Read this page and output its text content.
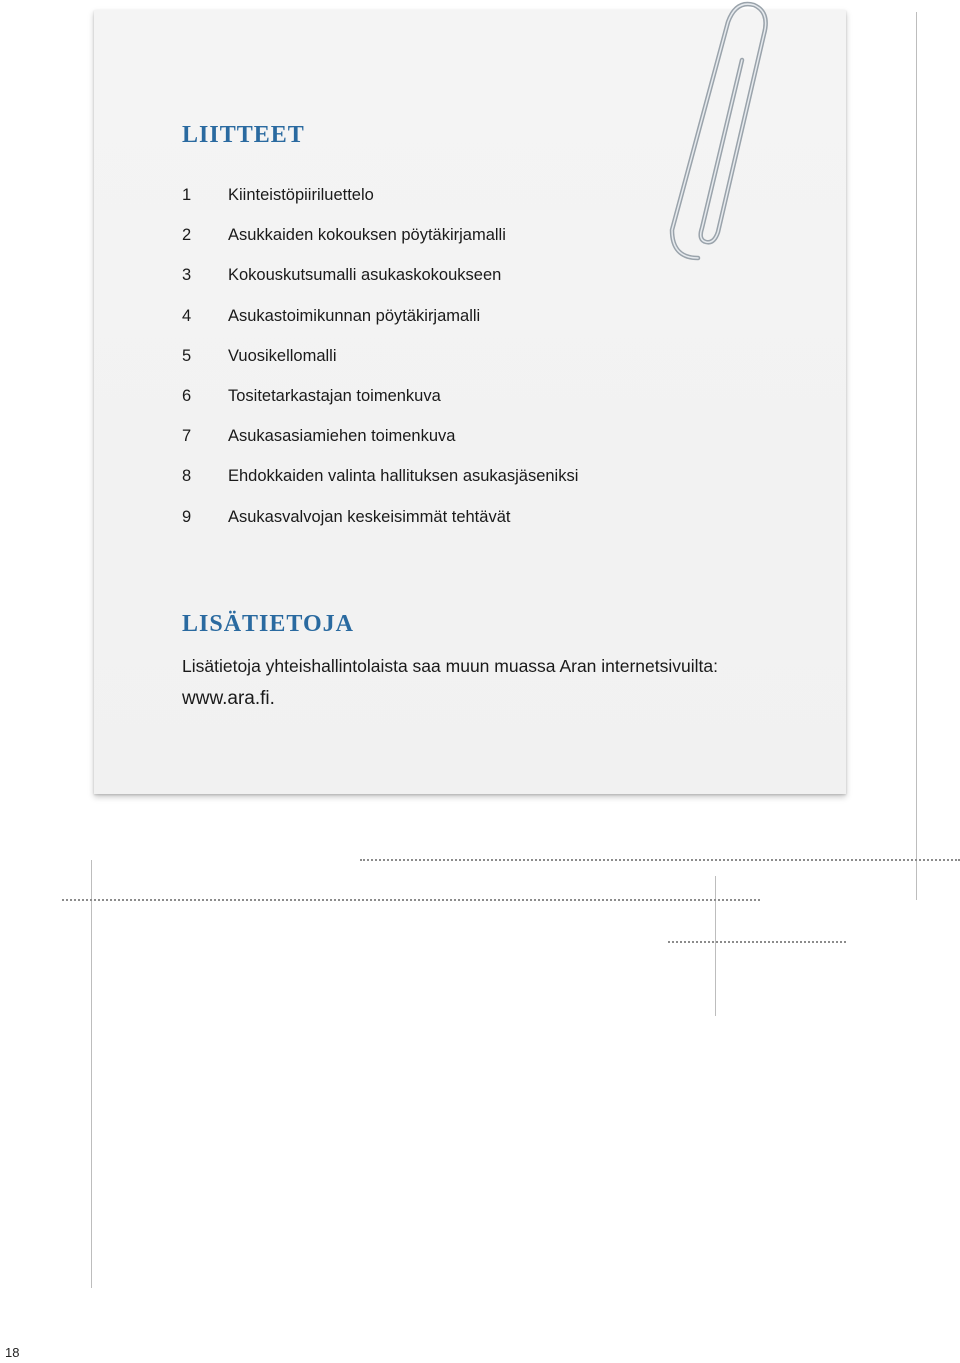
LIITTEET
1	Kiinteistöpiiriluettelo
2	Asukkaiden kokouksen pöytäkirjamalli
3	Kokouskutsumalli asukaskokoukseen
4	Asukastoimikunnan pöytäkirjamalli
5	Vuosikellomalli
6	Tositetarkastajan toimenkuva
7	Asukasasiamiehen toimenkuva
8	Ehdokkaiden valinta hallituksen asukasjäseniksi
9	Asukasvalvojan keskeisimmät tehtävät
LISÄTIETOJA
Lisätietoja yhteishallintolaista saa muun muassa Aran internetsivuilta:
www.ara.fi.
18
